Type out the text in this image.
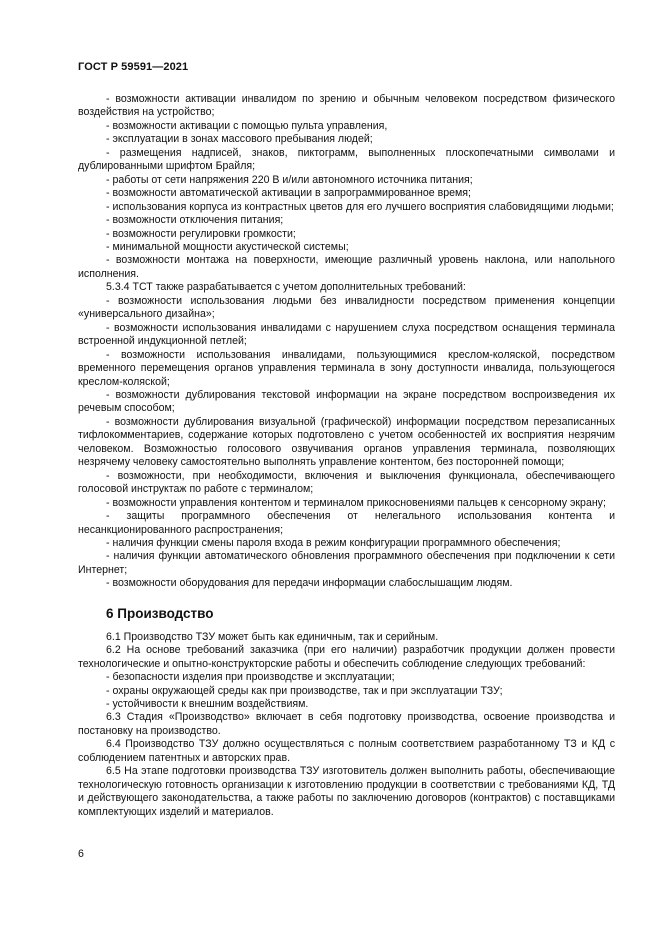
ГОСТ Р 59591—2021

- возможности активации инвалидом по зрению и обычным человеком посредством физического воздействия на устройство;

- возможности активации с помощью пульта управления,

- эксплуатации в зонах массового пребывания людей;

- размещения надписей, знаков, пиктограмм, выполненных плоскопечатными символами и дублированными шрифтом Брайля;

- работы от сети напряжения 220 В и/или автономного источника питания;

- возможности автоматической активации в запрограммированное время;

- использования корпуса из контрастных цветов для его лучшего восприятия слабовидящими людьми;

- возможности отключения питания;

- возможности регулировки громкости;

- минимальной мощности акустической системы;

- возможности монтажа на поверхности, имеющие различный уровень наклона, или напольного исполнения.

5.3.4 ТСТ также разрабатывается с учетом дополнительных требований:

- возможности использования людьми без инвалидности посредством применения концепции «универсального дизайна»;

- возможности использования инвалидами с нарушением слуха посредством оснащения терминала встроенной индукционной петлей;

- возможности использования инвалидами, пользующимися креслом-коляской, посредством временного перемещения органов управления терминала в зону доступности инвалида, пользующегося креслом-коляской;

- возможности дублирования текстовой информации на экране посредством воспроизведения их речевым способом;

- возможности дублирования визуальной (графической) информации посредством перезаписанных тифлокомментариев, содержание которых подготовлено с учетом особенностей их восприятия незрячим человеком. Возможностью голосового озвучивания органов управления терминала, позволяющих незрячему человеку самостоятельно выполнять управление контентом, без посторонней помощи;

- возможности, при необходимости, включения и выключения функционала, обеспечивающего голосовой инструктаж по работе с терминалом;

- возможности управления контентом и терминалом прикосновениями пальцев к сенсорному экрану;

- защиты программного обеспечения от нелегального использования контента и несанкционированного распространения;

- наличия функции смены пароля входа в режим конфигурации программного обеспечения;

- наличия функции автоматического обновления программного обеспечения при подключении к сети Интернет;

- возможности оборудования для передачи информации слабослышащим людям.

6 Производство

6.1 Производство ТЗУ может быть как единичным, так и серийным.

6.2 На основе требований заказчика (при его наличии) разработчик продукции должен провести технологические и опытно-конструкторские работы и обеспечить соблюдение следующих требований:

- безопасности изделия при производстве и эксплуатации;

- охраны окружающей среды как при производстве, так и при эксплуатации ТЗУ;

- устойчивости к внешним воздействиям.

6.3 Стадия «Производство» включает в себя подготовку производства, освоение производства и постановку на производство.

6.4 Производство ТЗУ должно осуществляться с полным соответствием разработанному ТЗ и КД с соблюдением патентных и авторских прав.

6.5 На этапе подготовки производства ТЗУ изготовитель должен выполнить работы, обеспечивающие технологическую готовность организации к изготовлению продукции в соответствии с требованиями КД, ТД и действующего законодательства, а также работы по заключению договоров (контрактов) с поставщиками комплектующих изделий и материалов.

6
